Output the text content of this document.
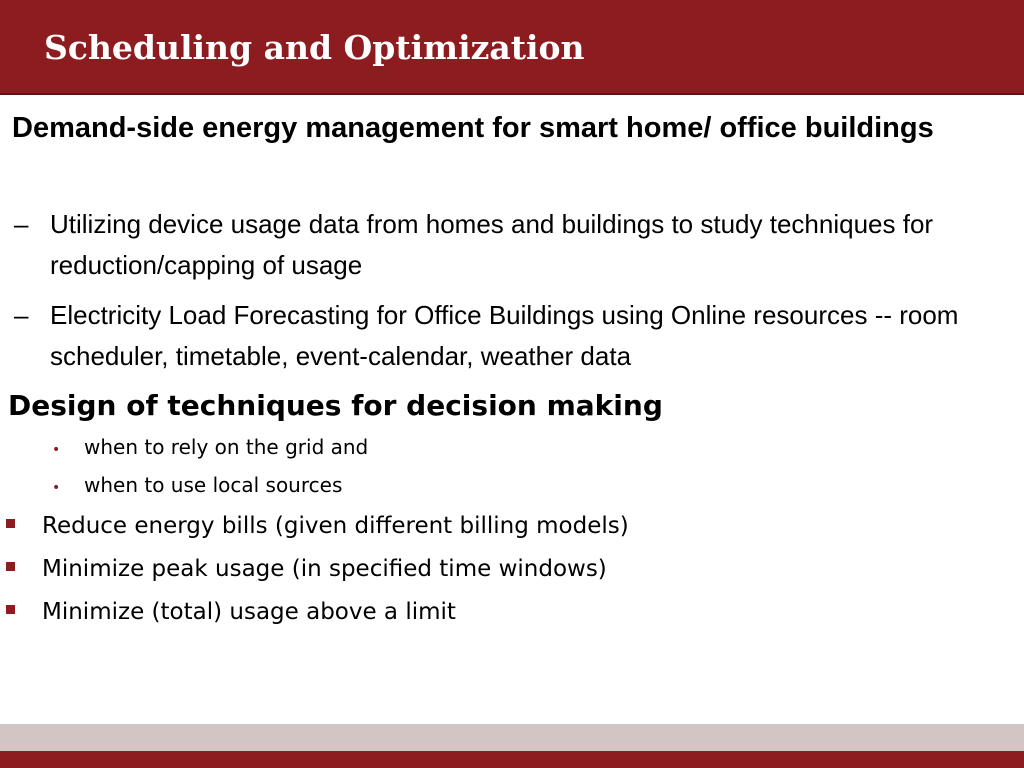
Scheduling and Optimization

Demand-side energy management for smart home/ office buildings

– Utilizing device usage data from homes and buildings to study techniques for reduction/capping of usage
– Electricity Load Forecasting for Office Buildings using Online resources -- room scheduler, timetable, event-calendar, weather data

Design of techniques for decision making

• when to rely on the grid and
• when to use local sources
Reduce energy bills (given different billing models)
Minimize peak usage (in specified time windows)
Minimize (total) usage above a limit
